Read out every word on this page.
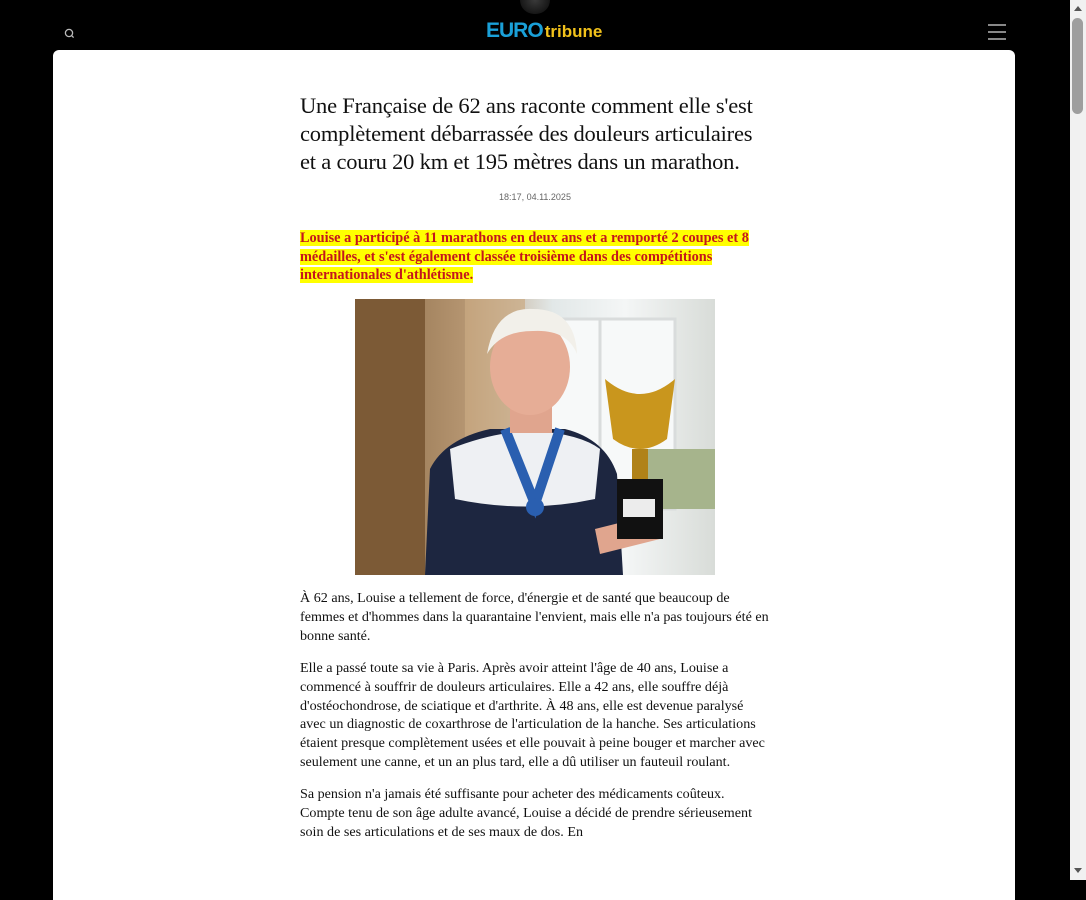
EURO tribune
Une Française de 62 ans raconte comment elle s'est complètement débarrassée des douleurs articulaires et a couru 20 km et 195 mètres dans un marathon.
18:17, 04.11.2025

Louise a participé à 11 marathons en deux ans et a remporté 2 coupes et 8 médailles, et s'est également classée troisième dans des compétitions internationales d'athlétisme.

À 62 ans, Louise a tellement de force, d'énergie et de santé que beaucoup de femmes et d'hommes dans la quarantaine l'envient, mais elle n'a pas toujours été en bonne santé.

Elle a passé toute sa vie à Paris. Après avoir atteint l'âge de 40 ans, Louise a commencé à souffrir de douleurs articulaires. Elle a 42 ans, elle souffre déjà d'ostéochondrose, de sciatique et d'arthrite. À 48 ans, elle est devenue paralysé avec un diagnostic de coxarthrose de l'articulation de la hanche. Ses articulations étaient presque complètement usées et elle pouvait à peine bouger et marcher avec seulement une canne, et un an plus tard, elle a dû utiliser un fauteuil roulant.

Sa pension n'a jamais été suffisante pour acheter des médicaments coûteux. Compte tenu de son âge adulte avancé, Louise a décidé de prendre sérieusement soin de ses articulations et de ses maux de dos. En
